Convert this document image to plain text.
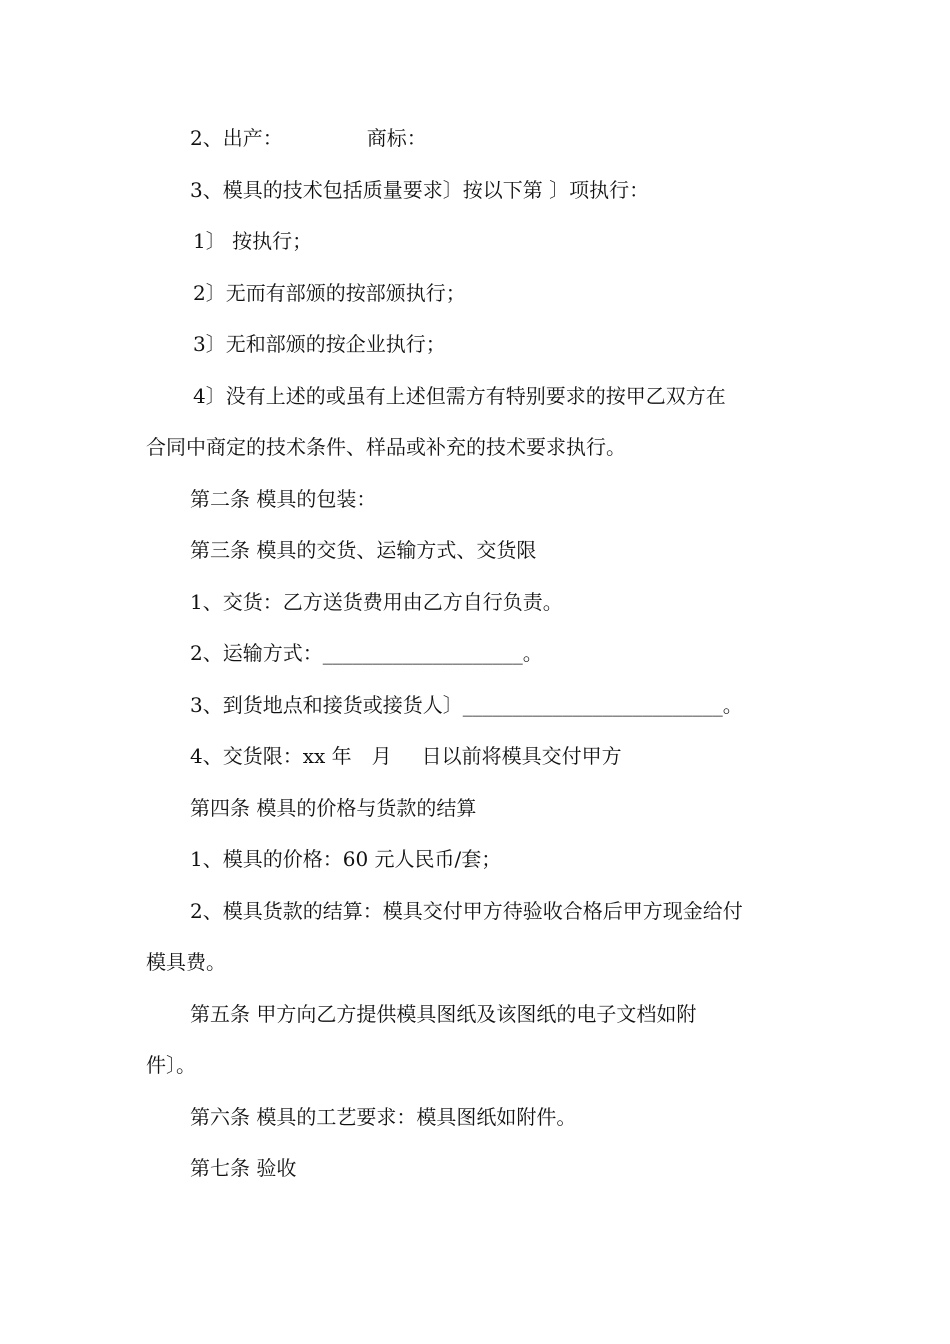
2、出产：	商标：
3、模具的技术包括质量要求〕按以下第 〕项执行：
1〕 按执行；
2〕无而有部颁的按部颁执行；
3〕无和部颁的按企业执行；
4〕没有上述的或虽有上述但需方有特别要求的按甲乙双方在
合同中商定的技术条件、样品或补充的技术要求执行。
第二条 模具的包装：
第三条 模具的交货、运输方式、交货限
1、交货：乙方送货费用由乙方自行负责。
2、运输方式：____________________。
3、到货地点和接货或接货人〕__________________________。
4、交货限：xx 年 月 日以前将模具交付甲方
第四条 模具的价格与货款的结算
1、模具的价格：60 元人民币/套；
2、模具货款的结算：模具交付甲方待验收合格后甲方现金给付
模具费。
第五条 甲方向乙方提供模具图纸及该图纸的电子文档如附
件〕。
第六条 模具的工艺要求：模具图纸如附件。
第七条 验收
